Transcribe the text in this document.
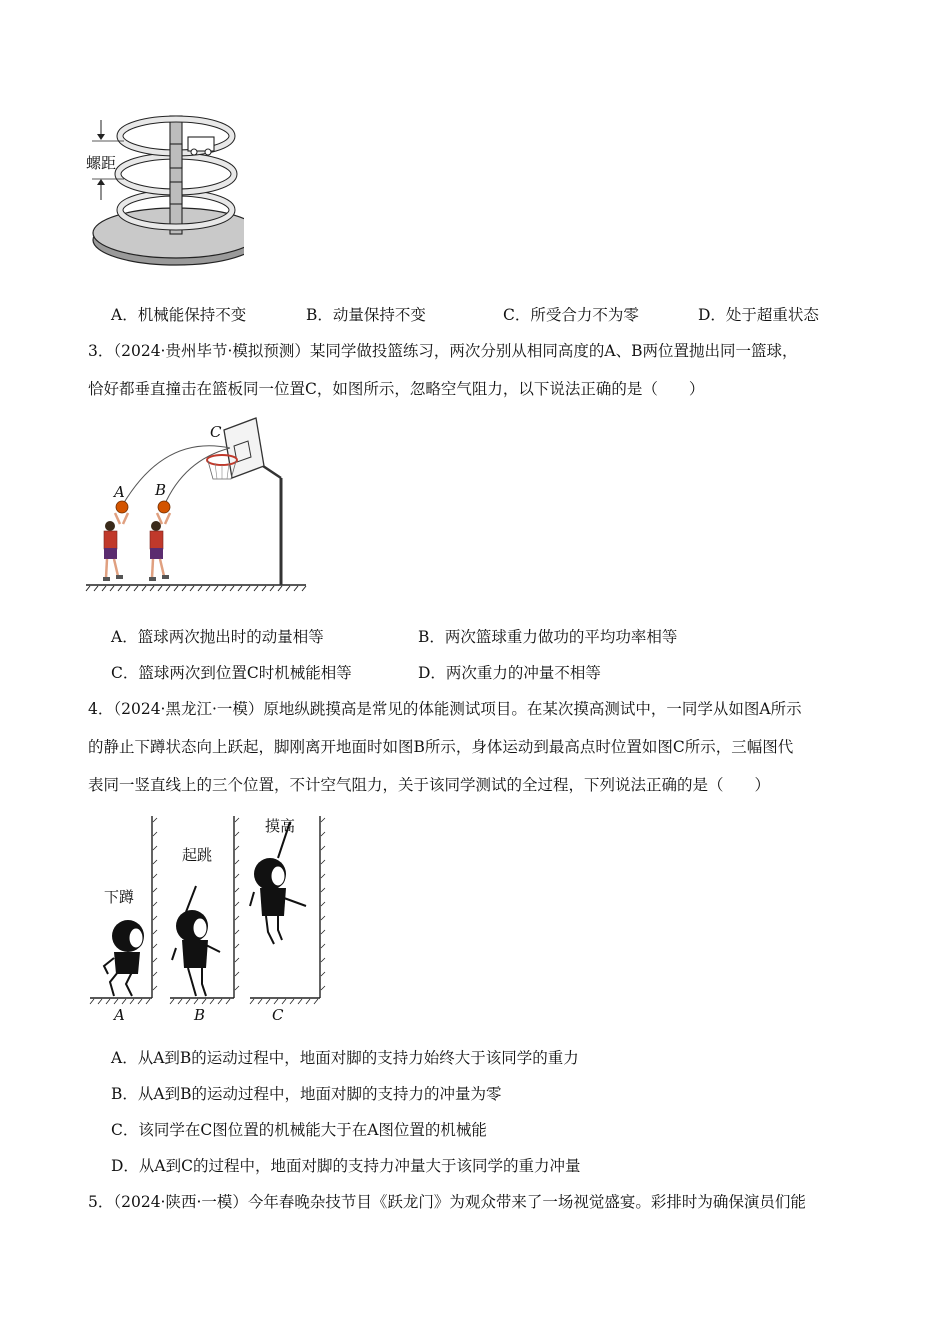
螺距
A．机械能保持不变	B．动量保持不变	C．所受合力不为零	D．处于超重状态
3．（2024·贵州毕节·模拟预测）某同学做投篮练习，两次分别从相同高度的A、B两位置抛出同一篮球，
恰好都垂直撞击在篮板同一位置C，如图所示，忽略空气阻力，以下说法正确的是（　　）
A B
C
A．篮球两次抛出时的动量相等	B．两次篮球重力做功的平均功率相等
C．篮球两次到位置C时机械能相等	D．两次重力的冲量不相等
4．（2024·黑龙江·一模）原地纵跳摸高是常见的体能测试项目。在某次摸高测试中，一同学从如图A所示
的静止下蹲状态向上跃起，脚刚离开地面时如图B所示，身体运动到最高点时位置如图C所示，三幅图代
表同一竖直线上的三个位置，不计空气阻力，关于该同学测试的全过程，下列说法正确的是（　　）
下蹲
起跳
摸高
A	B	C
A．从A到B的运动过程中，地面对脚的支持力始终大于该同学的重力
B．从A到B的运动过程中，地面对脚的支持力的冲量为零
C．该同学在C图位置的机械能大于在A图位置的机械能
D．从A到C的过程中，地面对脚的支持力冲量大于该同学的重力冲量
5．（2024·陕西·一模）今年春晚杂技节目《跃龙门》为观众带来了一场视觉盛宴。彩排时为确保演员们能
